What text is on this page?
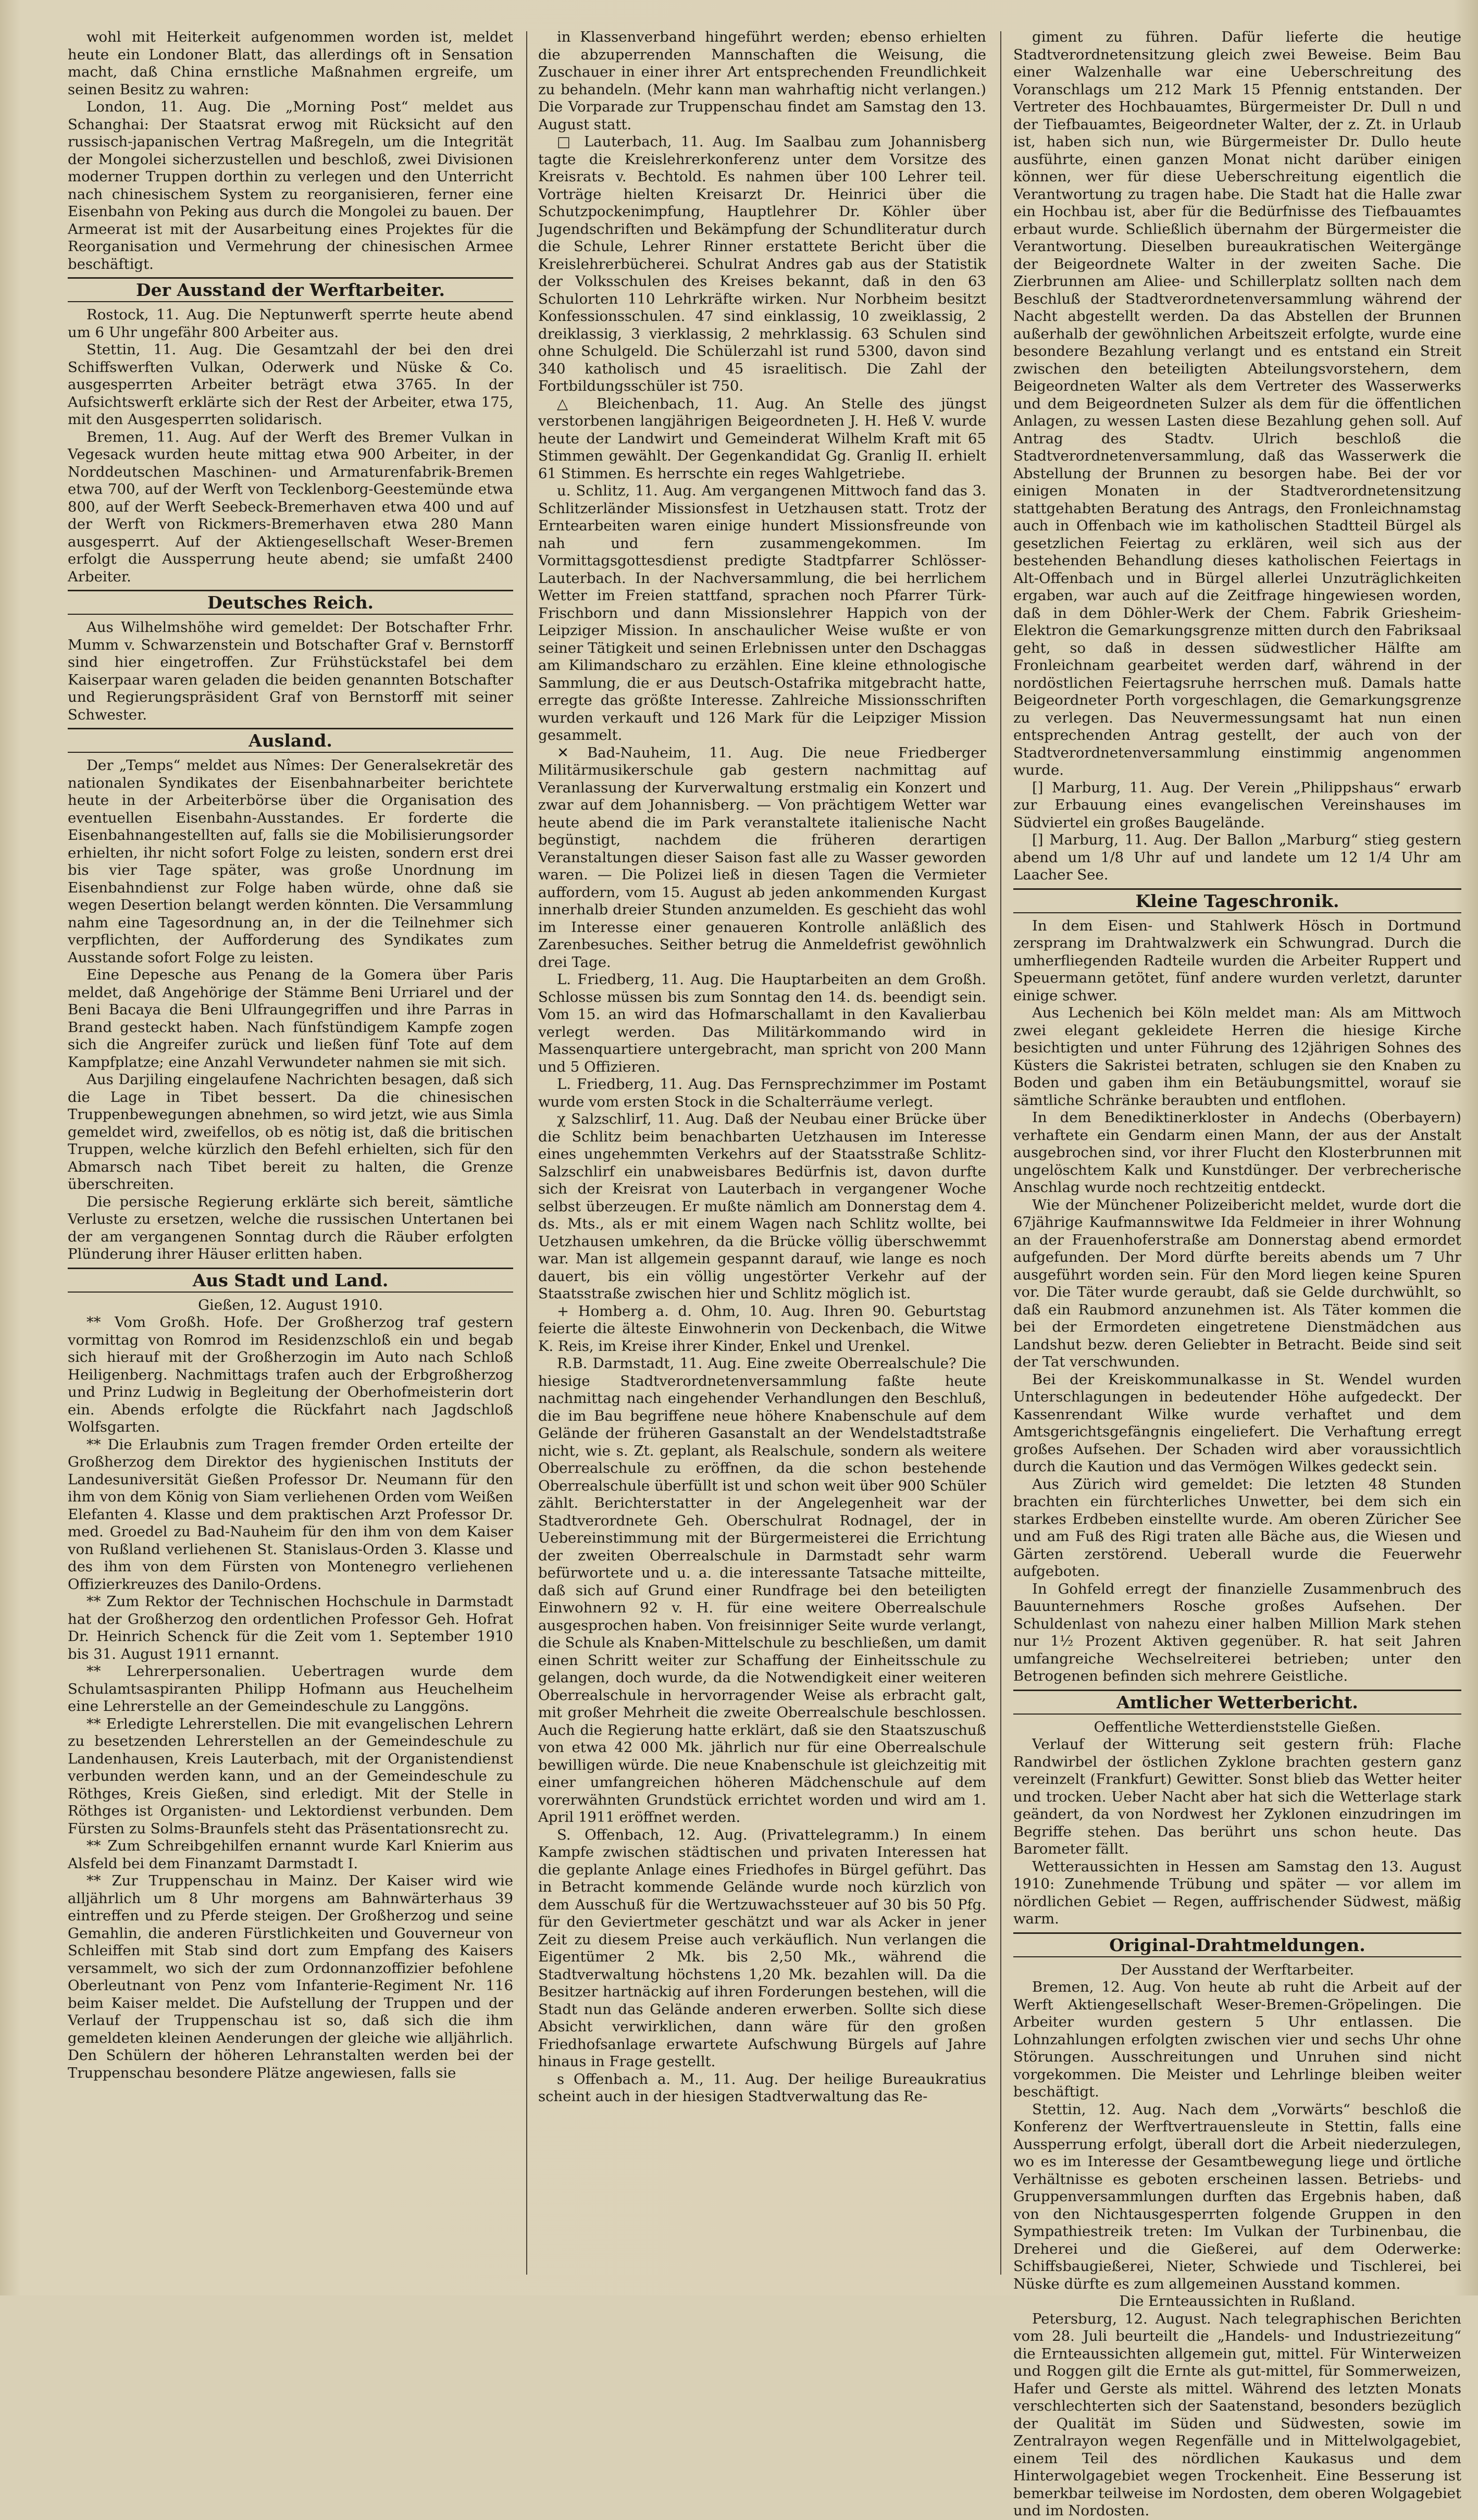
wohl mit Heiterkeit aufgenommen worden ist, meldet heute ein Londoner Blatt, das allerdings oft in Sensation macht, daß China ernstliche Maßnahmen ergreife, um seinen Besitz zu wahren:

London, 11. Aug. Die „Morning Post“ meldet aus Schanghai: Der Staatsrat erwog mit Rücksicht auf den russisch-japanischen Vertrag Maßregeln, um die Integrität der Mongolei sicherzustellen und beschloß, zwei Divisionen moderner Truppen dorthin zu verlegen und den Unterricht nach chinesischem System zu reorganisieren, ferner eine Eisenbahn von Peking aus durch die Mongolei zu bauen. Der Armeerat ist mit der Ausarbeitung eines Projektes für die Reorganisation und Vermehrung der chinesischen Armee beschäftigt.

Der Ausstand der Werftarbeiter.

Rostock, 11. Aug. Die Neptunwerft sperrte heute abend um 6 Uhr ungefähr 800 Arbeiter aus.

Stettin, 11. Aug. Die Gesamtzahl der bei den drei Schiffswerften Vulkan, Oderwerk und Nüske & Co. ausgesperrten Arbeiter beträgt etwa 3765. In der Aufsichtswerft erklärte sich der Rest der Arbeiter, etwa 175, mit den Ausgesperrten solidarisch.

Bremen, 11. Aug. Auf der Werft des Bremer Vulkan in Vegesack wurden heute mittag etwa 900 Arbeiter, in der Norddeutschen Maschinen- und Armaturenfabrik-Bremen etwa 700, auf der Werft von Tecklenborg-Geestemünde etwa 800, auf der Werft Seebeck-Bremerhaven etwa 400 und auf der Werft von Rickmers-Bremerhaven etwa 280 Mann ausgesperrt. Auf der Aktiengesellschaft Weser-Bremen erfolgt die Aussperrung heute abend; sie umfaßt 2400 Arbeiter.

Deutsches Reich.

Aus Wilhelmshöhe wird gemeldet: Der Botschafter Frhr. Mumm v. Schwarzenstein und Botschafter Graf v. Bernstorff sind hier eingetroffen. Zur Frühstückstafel bei dem Kaiserpaar waren geladen die beiden genannten Botschafter und Regierungspräsident Graf von Bernstorff mit seiner Schwester.

Ausland.

Der „Temps“ meldet aus Nîmes: Der Generalsekretär des nationalen Syndikates der Eisenbahnarbeiter berichtete heute in der Arbeiterbörse über die Organisation des eventuellen Eisenbahn-Ausstandes. Er forderte die Eisenbahnangestellten auf, falls sie die Mobilisierungsorder erhielten, ihr nicht sofort Folge zu leisten, sondern erst drei bis vier Tage später, was große Unordnung im Eisenbahndienst zur Folge haben würde, ohne daß sie wegen Desertion belangt werden könnten. Die Versammlung nahm eine Tagesordnung an, in der die Teilnehmer sich verpflichten, der Aufforderung des Syndikates zum Ausstande sofort Folge zu leisten.

Eine Depesche aus Penang de la Gomera über Paris meldet, daß Angehörige der Stämme Beni Urriarel und der Beni Bacaya die Beni Ulfraungegriffen und ihre Parras in Brand gesteckt haben. Nach fünfstündigem Kampfe zogen sich die Angreifer zurück und ließen fünf Tote auf dem Kampfplatze; eine Anzahl Verwundeter nahmen sie mit sich.

Aus Darjiling eingelaufene Nachrichten besagen, daß sich die Lage in Tibet bessert. Da die chinesischen Truppenbewegungen abnehmen, so wird jetzt, wie aus Simla gemeldet wird, zweifellos, ob es nötig ist, daß die britischen Truppen, welche kürzlich den Befehl erhielten, sich für den Abmarsch nach Tibet bereit zu halten, die Grenze überschreiten.

Die persische Regierung erklärte sich bereit, sämtliche Verluste zu ersetzen, welche die russischen Untertanen bei der am vergangenen Sonntag durch die Räuber erfolgten Plünderung ihrer Häuser erlitten haben.

Aus Stadt und Land.

Gießen, 12. August 1910.

** Vom Großh. Hofe. Der Großherzog traf gestern vormittag von Romrod im Residenzschloß ein und begab sich hierauf mit der Großherzogin im Auto nach Schloß Heiligenberg. Nachmittags trafen auch der Erbgroßherzog und Prinz Ludwig in Begleitung der Oberhofmeisterin dort ein. Abends erfolgte die Rückfahrt nach Jagdschloß Wolfsgarten.

** Die Erlaubnis zum Tragen fremder Orden erteilte der Großherzog dem Direktor des hygienischen Instituts der Landesuniversität Gießen Professor Dr. Neumann für den ihm von dem König von Siam verliehenen Orden vom Weißen Elefanten 4. Klasse und dem praktischen Arzt Professor Dr. med. Groedel zu Bad-Nauheim für den ihm von dem Kaiser von Rußland verliehenen St. Stanislaus-Orden 3. Klasse und des ihm von dem Fürsten von Montenegro verliehenen Offizierkreuzes des Danilo-Ordens.

** Zum Rektor der Technischen Hochschule in Darmstadt hat der Großherzog den ordentlichen Professor Geh. Hofrat Dr. Heinrich Schenck für die Zeit vom 1. September 1910 bis 31. August 1911 ernannt.

** Lehrerpersonalien. Uebertragen wurde dem Schulamtsaspiranten Philipp Hofmann aus Heuchelheim eine Lehrerstelle an der Gemeindeschule zu Langgöns.

** Erledigte Lehrerstellen. Die mit evangelischen Lehrern zu besetzenden Lehrerstellen an der Gemeindeschule zu Landenhausen, Kreis Lauterbach, mit der Organistendienst verbunden werden kann, und an der Gemeindeschule zu Röthges, Kreis Gießen, sind erledigt. Mit der Stelle in Röthges ist Organisten- und Lektordienst verbunden. Dem Fürsten zu Solms-Braunfels steht das Präsentationsrecht zu.

** Zum Schreibgehilfen ernannt wurde Karl Knierim aus Alsfeld bei dem Finanzamt Darmstadt I.

** Zur Truppenschau in Mainz. Der Kaiser wird wie alljährlich um 8 Uhr morgens am Bahnwärterhaus 39 eintreffen und zu Pferde steigen. Der Großherzog und seine Gemahlin, die anderen Fürstlichkeiten und Gouverneur von Schleiffen mit Stab sind dort zum Empfang des Kaisers versammelt, wo sich der zum Ordonnanzoffizier befohlene Oberleutnant von Penz vom Infanterie-Regiment Nr. 116 beim Kaiser meldet. Die Aufstellung der Truppen und der Verlauf der Truppenschau ist so, daß sich die ihm gemeldeten kleinen Aenderungen der gleiche wie alljährlich. Den Schülern der höheren Lehranstalten werden bei der Truppenschau besondere Plätze angewiesen, falls sie

in Klassenverband hingeführt werden; ebenso erhielten die abzuperrenden Mannschaften die Weisung, die Zuschauer in einer ihrer Art entsprechenden Freundlichkeit zu behandeln. (Mehr kann man wahrhaftig nicht verlangen.) Die Vorparade zur Truppenschau findet am Samstag den 13. August statt.

□ Lauterbach, 11. Aug. Im Saalbau zum Johannisberg tagte die Kreislehrerkonferenz unter dem Vorsitze des Kreisrats v. Bechtold. Es nahmen über 100 Lehrer teil. Vorträge hielten Kreisarzt Dr. Heinrici über die Schutzpockenimpfung, Hauptlehrer Dr. Köhler über Jugendschriften und Bekämpfung der Schundliteratur durch die Schule, Lehrer Rinner erstattete Bericht über die Kreislehrerbücherei. Schulrat Andres gab aus der Statistik der Volksschulen des Kreises bekannt, daß in den 63 Schulorten 110 Lehrkräfte wirken. Nur Norbheim besitzt Konfessionsschulen. 47 sind einklassig, 10 zweiklassig, 2 dreiklassig, 3 vierklassig, 2 mehrklassig. 63 Schulen sind ohne Schulgeld. Die Schülerzahl ist rund 5300, davon sind 340 katholisch und 45 israelitisch. Die Zahl der Fortbildungsschüler ist 750.

△ Bleichenbach, 11. Aug. An Stelle des jüngst verstorbenen langjährigen Beigeordneten J. H. Heß V. wurde heute der Landwirt und Gemeinderat Wilhelm Kraft mit 65 Stimmen gewählt. Der Gegenkandidat Gg. Granlig II. erhielt 61 Stimmen. Es herrschte ein reges Wahlgetriebe.

u. Schlitz, 11. Aug. Am vergangenen Mittwoch fand das 3. Schlitzerländer Missionsfest in Uetzhausen statt. Trotz der Erntearbeiten waren einige hundert Missionsfreunde von nah und fern zusammengekommen. Im Vormittagsgottesdienst predigte Stadtpfarrer Schlösser-Lauterbach. In der Nachversammlung, die bei herrlichem Wetter im Freien stattfand, sprachen noch Pfarrer Türk-Frischborn und dann Missionslehrer Happich von der Leipziger Mission. In anschaulicher Weise wußte er von seiner Tätigkeit und seinen Erlebnissen unter den Dschaggas am Kilimandscharo zu erzählen. Eine kleine ethnologische Sammlung, die er aus Deutsch-Ostafrika mitgebracht hatte, erregte das größte Interesse. Zahlreiche Missionsschriften wurden verkauft und 126 Mark für die Leipziger Mission gesammelt.

✕ Bad-Nauheim, 11. Aug. Die neue Friedberger Militärmusikerschule gab gestern nachmittag auf Veranlassung der Kurverwaltung erstmalig ein Konzert und zwar auf dem Johannisberg. — Von prächtigem Wetter war heute abend die im Park veranstaltete italienische Nacht begünstigt, nachdem die früheren derartigen Veranstaltungen dieser Saison fast alle zu Wasser geworden waren. — Die Polizei ließ in diesen Tagen die Vermieter auffordern, vom 15. August ab jeden ankommenden Kurgast innerhalb dreier Stunden anzumelden. Es geschieht das wohl im Interesse einer genaueren Kontrolle anläßlich des Zarenbesuches. Seither betrug die Anmeldefrist gewöhnlich drei Tage.

L. Friedberg, 11. Aug. Die Hauptarbeiten an dem Großh. Schlosse müssen bis zum Sonntag den 14. ds. beendigt sein. Vom 15. an wird das Hofmarschallamt in den Kavalierbau verlegt werden. Das Militärkommando wird in Massenquartiere untergebracht, man spricht von 200 Mann und 5 Offizieren.

L. Friedberg, 11. Aug. Das Fernsprechzimmer im Postamt wurde vom ersten Stock in die Schalterräume verlegt.

χ Salzschlirf, 11. Aug. Daß der Neubau einer Brücke über die Schlitz beim benachbarten Uetzhausen im Interesse eines ungehemmten Verkehrs auf der Staatsstraße Schlitz-Salzschlirf ein unabweisbares Bedürfnis ist, davon durfte sich der Kreisrat von Lauterbach in vergangener Woche selbst überzeugen. Er mußte nämlich am Donnerstag dem 4. ds. Mts., als er mit einem Wagen nach Schlitz wollte, bei Uetzhausen umkehren, da die Brücke völlig überschwemmt war. Man ist allgemein gespannt darauf, wie lange es noch dauert, bis ein völlig ungestörter Verkehr auf der Staatsstraße zwischen hier und Schlitz möglich ist.

+ Homberg a. d. Ohm, 10. Aug. Ihren 90. Geburtstag feierte die älteste Einwohnerin von Deckenbach, die Witwe K. Reis, im Kreise ihrer Kinder, Enkel und Urenkel.

R.B. Darmstadt, 11. Aug. Eine zweite Oberrealschule? Die hiesige Stadtverordnetenversammlung faßte heute nachmittag nach eingehender Verhandlungen den Beschluß, die im Bau begriffene neue höhere Knabenschule auf dem Gelände der früheren Gasanstalt an der Wendelstadtstraße nicht, wie s. Zt. geplant, als Realschule, sondern als weitere Oberrealschule zu eröffnen, da die schon bestehende Oberrealschule überfüllt ist und schon weit über 900 Schüler zählt. Berichterstatter in der Angelegenheit war der Stadtverordnete Geh. Oberschulrat Rodnagel, der in Uebereinstimmung mit der Bürgermeisterei die Errichtung der zweiten Oberrealschule in Darmstadt sehr warm befürwortete und u. a. die interessante Tatsache mitteilte, daß sich auf Grund einer Rundfrage bei den beteiligten Einwohnern 92 v. H. für eine weitere Oberrealschule ausgesprochen haben. Von freisinniger Seite wurde verlangt, die Schule als Knaben-Mittelschule zu beschließen, um damit einen Schritt weiter zur Schaffung der Einheitsschule zu gelangen, doch wurde, da die Notwendigkeit einer weiteren Oberrealschule in hervorragender Weise als erbracht galt, mit großer Mehrheit die zweite Oberrealschule beschlossen. Auch die Regierung hatte erklärt, daß sie den Staatszuschuß von etwa 42 000 Mk. jährlich nur für eine Oberrealschule bewilligen würde. Die neue Knabenschule ist gleichzeitig mit einer umfangreichen höheren Mädchenschule auf dem vorerwähnten Grundstück errichtet worden und wird am 1. April 1911 eröffnet werden.

S. Offenbach, 12. Aug. (Privattelegramm.) In einem Kampfe zwischen städtischen und privaten Interessen hat die geplante Anlage eines Friedhofes in Bürgel geführt. Das in Betracht kommende Gelände wurde noch kürzlich von dem Ausschuß für die Wertzuwachssteuer auf 30 bis 50 Pfg. für den Geviertmeter geschätzt und war als Acker in jener Zeit zu diesem Preise auch verkäuflich. Nun verlangen die Eigentümer 2 Mk. bis 2,50 Mk., während die Stadtverwaltung höchstens 1,20 Mk. bezahlen will. Da die Besitzer hartnäckig auf ihren Forderungen bestehen, will die Stadt nun das Gelände anderen erwerben. Sollte sich diese Absicht verwirklichen, dann wäre für den großen Friedhofsanlage erwartete Aufschwung Bürgels auf Jahre hinaus in Frage gestellt.

s Offenbach a. M., 11. Aug. Der heilige Bureaukratius scheint auch in der hiesigen Stadtverwaltung das Re-

giment zu führen. Dafür lieferte die heutige Stadtverordnetensitzung gleich zwei Beweise. Beim Bau einer Walzenhalle war eine Ueberschreitung des Voranschlags um 212 Mark 15 Pfennig entstanden. Der Vertreter des Hochbauamtes, Bürgermeister Dr. Dull n und der Tiefbauamtes, Beigeordneter Walter, der z. Zt. in Urlaub ist, haben sich nun, wie Bürgermeister Dr. Dullo heute ausführte, einen ganzen Monat nicht darüber einigen können, wer für diese Ueberschreitung eigentlich die Verantwortung zu tragen habe. Die Stadt hat die Halle zwar ein Hochbau ist, aber für die Bedürfnisse des Tiefbauamtes erbaut wurde. Schließlich übernahm der Bürgermeister die Verantwortung. Dieselben bureaukratischen Weitergänge der Beigeordnete Walter in der zweiten Sache. Die Zierbrunnen am Aliee- und Schillerplatz sollten nach dem Beschluß der Stadtverordnetenversammlung während der Nacht abgestellt werden. Da das Abstellen der Brunnen außerhalb der gewöhnlichen Arbeitszeit erfolgte, wurde eine besondere Bezahlung verlangt und es entstand ein Streit zwischen den beteiligten Abteilungsvorstehern, dem Beigeordneten Walter als dem Vertreter des Wasserwerks und dem Beigeordneten Sulzer als dem für die öffentlichen Anlagen, zu wessen Lasten diese Bezahlung gehen soll. Auf Antrag des Stadtv. Ulrich beschloß die Stadtverordnetenversammlung, daß das Wasserwerk die Abstellung der Brunnen zu besorgen habe. Bei der vor einigen Monaten in der Stadtverordnetensitzung stattgehabten Beratung des Antrags, den Fronleichnamstag auch in Offenbach wie im katholischen Stadtteil Bürgel als gesetzlichen Feiertag zu erklären, weil sich aus der bestehenden Behandlung dieses katholischen Feiertags in Alt-Offenbach und in Bürgel allerlei Unzuträglichkeiten ergaben, war auch auf die Zeitfrage hingewiesen worden, daß in dem Döhler-Werk der Chem. Fabrik Griesheim-Elektron die Gemarkungsgrenze mitten durch den Fabriksaal geht, so daß in dessen südwestlicher Hälfte am Fronleichnam gearbeitet werden darf, während in der nordöstlichen Feiertagsruhe herrschen muß. Damals hatte Beigeordneter Porth vorgeschlagen, die Gemarkungsgrenze zu verlegen. Das Neuvermessungsamt hat nun einen entsprechenden Antrag gestellt, der auch von der Stadtverordnetenversammlung einstimmig angenommen wurde.

[] Marburg, 11. Aug. Der Verein „Philippshaus“ erwarb zur Erbauung eines evangelischen Vereinshauses im Südviertel ein großes Baugelände.

[] Marburg, 11. Aug. Der Ballon „Marburg“ stieg gestern abend um 1/8 Uhr auf und landete um 12 1/4 Uhr am Laacher See.

Kleine Tageschronik.

In dem Eisen- und Stahlwerk Hösch in Dortmund zersprang im Drahtwalzwerk ein Schwungrad. Durch die umherfliegenden Radteile wurden die Arbeiter Ruppert und Speuermann getötet, fünf andere wurden verletzt, darunter einige schwer.

Aus Lechenich bei Köln meldet man: Als am Mittwoch zwei elegant gekleidete Herren die hiesige Kirche besichtigten und unter Führung des 12jährigen Sohnes des Küsters die Sakristei betraten, schlugen sie den Knaben zu Boden und gaben ihm ein Betäubungsmittel, worauf sie sämtliche Schränke beraubten und entflohen.

In dem Benediktinerkloster in Andechs (Oberbayern) verhaftete ein Gendarm einen Mann, der aus der Anstalt ausgebrochen sind, vor ihrer Flucht den Klosterbrunnen mit ungelöschtem Kalk und Kunstdünger. Der verbrecherische Anschlag wurde noch rechtzeitig entdeckt.

Wie der Münchener Polizeibericht meldet, wurde dort die 67jährige Kaufmannswitwe Ida Feldmeier in ihrer Wohnung an der Frauenhoferstraße am Donnerstag abend ermordet aufgefunden. Der Mord dürfte bereits abends um 7 Uhr ausgeführt worden sein. Für den Mord liegen keine Spuren vor. Die Täter wurde geraubt, daß sie Gelde durchwühlt, so daß ein Raubmord anzunehmen ist. Als Täter kommen die bei der Ermordeten eingetretene Dienstmädchen aus Landshut bezw. deren Geliebter in Betracht. Beide sind seit der Tat verschwunden.

Bei der Kreiskommunalkasse in St. Wendel wurden Unterschlagungen in bedeutender Höhe aufgedeckt. Der Kassenrendant Wilke wurde verhaftet und dem Amtsgerichtsgefängnis eingeliefert. Die Verhaftung erregt großes Aufsehen. Der Schaden wird aber voraussichtlich durch die Kaution und das Vermögen Wilkes gedeckt sein.

Aus Zürich wird gemeldet: Die letzten 48 Stunden brachten ein fürchterliches Unwetter, bei dem sich ein starkes Erdbeben einstellte wurde. Am oberen Züricher See und am Fuß des Rigi traten alle Bäche aus, die Wiesen und Gärten zerstörend. Ueberall wurde die Feuerwehr aufgeboten.

In Gohfeld erregt der finanzielle Zusammenbruch des Bauunternehmers Rosche großes Aufsehen. Der Schuldenlast von nahezu einer halben Million Mark stehen nur 1½ Prozent Aktiven gegenüber. R. hat seit Jahren umfangreiche Wechselreiterei betrieben; unter den Betrogenen befinden sich mehrere Geistliche.

Amtlicher Wetterbericht.

Oeffentliche Wetterdienststelle Gießen.

Verlauf der Witterung seit gestern früh: Flache Randwirbel der östlichen Zyklone brachten gestern ganz vereinzelt (Frankfurt) Gewitter. Sonst blieb das Wetter heiter und trocken. Ueber Nacht aber hat sich die Wetterlage stark geändert, da von Nordwest her Zyklonen einzudringen im Begriffe stehen. Das berührt uns schon heute. Das Barometer fällt.

Wetteraussichten in Hessen am Samstag den 13. August 1910: Zunehmende Trübung und später — vor allem im nördlichen Gebiet — Regen, auffrischender Südwest, mäßig warm.

Original-Drahtmeldungen.

Der Ausstand der Werftarbeiter.

Bremen, 12. Aug. Von heute ab ruht die Arbeit auf der Werft Aktiengesellschaft Weser-Bremen-Gröpelingen. Die Arbeiter wurden gestern 5 Uhr entlassen. Die Lohnzahlungen erfolgten zwischen vier und sechs Uhr ohne Störungen. Ausschreitungen und Unruhen sind nicht vorgekommen. Die Meister und Lehrlinge bleiben weiter beschäftigt.

Stettin, 12. Aug. Nach dem „Vorwärts“ beschloß die Konferenz der Werftvertrauensleute in Stettin, falls eine Aussperrung erfolgt, überall dort die Arbeit niederzulegen, wo es im Interesse der Gesamtbewegung liege und örtliche Verhältnisse es geboten erscheinen lassen. Betriebs- und Gruppenversammlungen durften das Ergebnis haben, daß von den Nichtausgesperrten folgende Gruppen in den Sympathiestreik treten: Im Vulkan der Turbinenbau, die Dreherei und die Gießerei, auf dem Oderwerke: Schiffsbaugießerei, Nieter, Schwiede und Tischlerei, bei Nüske dürfte es zum allgemeinen Ausstand kommen.

Die Ernteaussichten in Rußland.

Petersburg, 12. August. Nach telegraphischen Berichten vom 28. Juli beurteilt die „Handels- und Industriezeitung“ die Ernteaussichten allgemein gut, mittel. Für Winterweizen und Roggen gilt die Ernte als gut-mittel, für Sommerweizen, Hafer und Gerste als mittel. Während des letzten Monats verschlechterten sich der Saatenstand, besonders bezüglich der Qualität im Süden und Südwesten, sowie im Zentralrayon wegen Regenfälle und in Mittelwolgagebiet, einem Teil des nördlichen Kaukasus und dem Hinterwolgagebiet wegen Trockenheit. Eine Besserung ist bemerkbar teilweise im Nordosten, dem oberen Wolgagebiet und im Nordosten.
